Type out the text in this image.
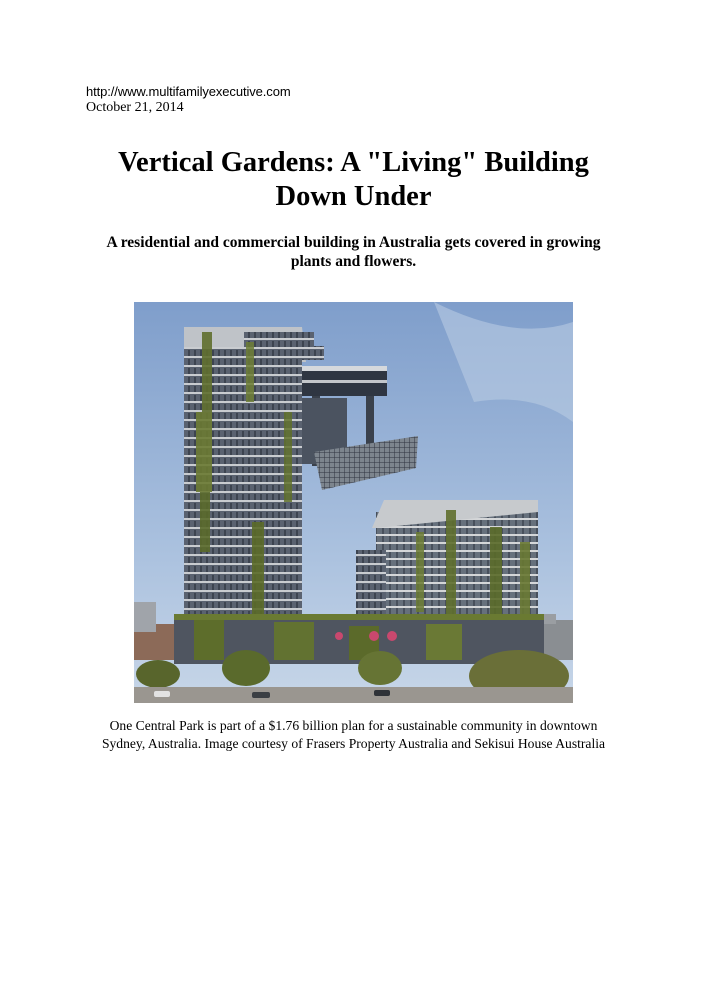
http://www.multifamilyexecutive.com
October 21, 2014
Vertical Gardens: A "Living" Building
Down Under

A residential and commercial building in Australia gets covered in growing
plants and flowers.

One Central Park is part of a $1.76 billion plan for a sustainable community in downtown
Sydney, Australia. Image courtesy of Frasers Property Australia and Sekisui House Australia
